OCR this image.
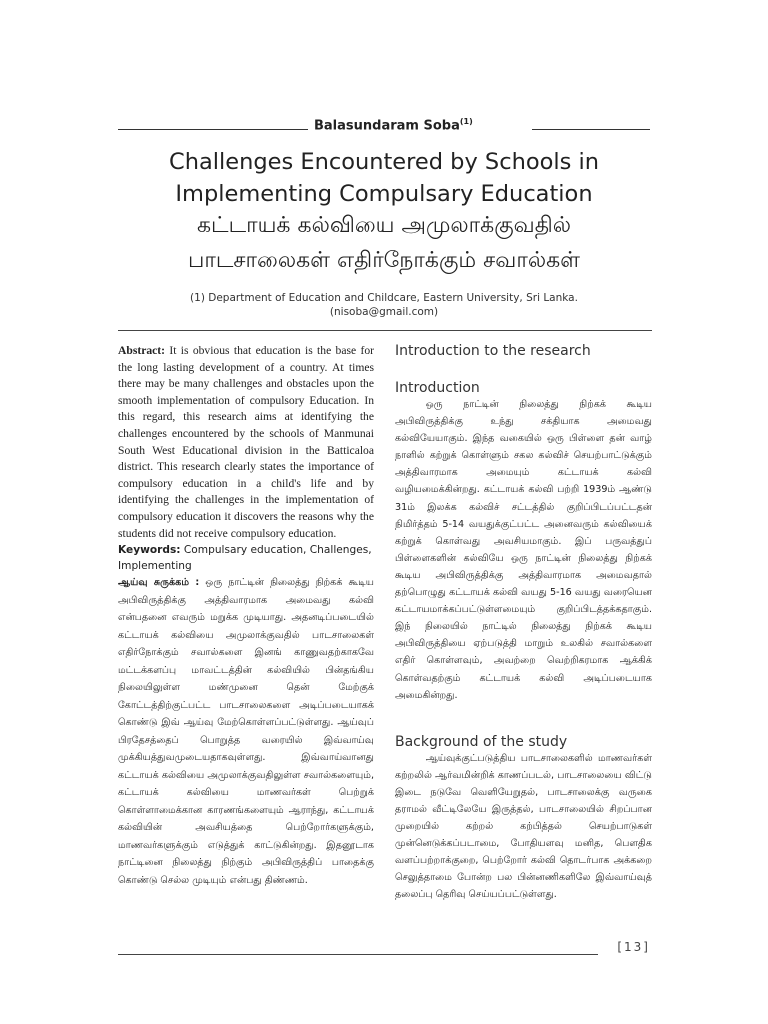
Balasundaram Soba$^{(1)}$
Challenges Encountered by Schools in
Implementing Compulsary Education
கட்டாயக் கல்வியை அமுலாக்குவதில்
பாடசாலைகள் எதிர்நோக்கும் சவால்கள்
(1) Department of Education and Childcare, Eastern University, Sri Lanka.
(nisoba@gmail.com)

Abstract: It is obvious that education is the base for the long lasting development of a country. At times there may be many challenges and obstacles upon the smooth implementation of compulsory Education. In this regard, this research aims at identifying the challenges encountered by the schools of Manmunai South West Educational division in the Batticaloa district. This research clearly states the importance of compulsory education in a child's life and by identifying the challenges in the implementation of compulsory education it discovers the reasons why the students did not receive compulsory education.

Keywords: Compulsary education, Challenges, Implementing

ஆய்வு சுருக்கம் : ஒரு நாட்டின் நிலைத்து நிற்கக் கூடிய அபிவிருத்திக்கு அத்திவாரமாக அமைவது கல்வி என்பதனை எவரும் மறுக்க முடியாது. அதனடிப்படையில் கட்டாயக் கல்வியை அமுலாக்குவதில் பாடசாலைகள் எதிர்நோக்கும் சவால்களை இனங் காணுவதற்காகவே மட்டக்களப்பு மாவட்டத்தின் கல்வியில் பின்தங்கிய நிலையிலுள்ள மண்முனை தென் மேற்குக் கோட்டத்திற்குட்பட்ட பாடசாலைகளை அடிப்படையாகக் கொண்டு இவ் ஆய்வு மேற்கொள்ளப்பட்டுள்ளது. ஆய்வுப் பிரதேசத்தைப் பொறுத்த வரையில் இவ்வாய்வு முக்கியத்துவமுடையதாகவுள்ளது. இவ்வாய்வானது கட்டாயக் கல்வியை அமுலாக்குவதிலுள்ள சவால்களையும், கட்டாயக் கல்வியை மாணவர்கள் பெற்றுக் கொள்ளாமைக்கான காரணங்களையும் ஆராந்து, கட்டாயக் கல்வியின் அவசியத்தை பெற்றோர்களுக்கும், மாணவர்களுக்கும் எடுத்துக் காட்டுகின்றது. இதனூடாக நாட்டினை நிலைத்து நிற்கும் அபிவிருத்திப் பாதைக்கு கொண்டு செல்ல முடியும் என்பது திண்ணம்.

Introduction to the research
Introduction

ஒரு நாட்டின் நிலைத்து நிற்கக் கூடிய அபிவிருத்திக்கு உந்து சக்தியாக அமைவது கல்வியேயாகும். இந்த வகையில் ஒரு பிள்ளை தன் வாழ் நாளில் கற்றுக் கொள்ளும் சகல கல்விச் செயற்பாட்டுக்கும் அத்திவாரமாக அமையும் கட்டாயக் கல்வி வழியமைக்கின்றது. கட்டாயக் கல்வி பற்றி 1939ம் ஆண்டு 31ம் இலக்க கல்விச் சட்டத்தில் குறிப்பிடப்பட்டதன் நிமிர்த்தம் 5-14 வயதுக்குட்பட்ட அனைவரும் கல்வியைக் கற்றுக் கொள்வது அவசியமாகும். இப் பருவத்துப் பிள்ளைகளின் கல்வியே ஒரு நாட்டின் நிலைத்து நிற்கக் கூடிய அபிவிருத்திக்கு அத்திவாரமாக அமைவதால் தற்பொழுது கட்டாயக் கல்வி வயது 5-16 வயது வரையென கட்டாயமாக்கப்பட்டுள்ளமையும் குறிப்பிடத்தக்கதாகும். இந் நிலையில் நாட்டில் நிலைத்து நிற்கக் கூடிய அபிவிருத்தியை ஏற்படுத்தி மாறும் உலகில் சவால்களை எதிர் கொள்ளவும், அவற்றை வெற்றிகரமாக ஆக்கிக் கொள்வதற்கும் கட்டாயக் கல்வி அடிப்படையாக அமைகின்றது.

Background of the study

ஆய்வுக்குட்படுத்திய பாடசாலைகளில் மாணவர்கள் கற்றலில் ஆர்வமின்றிக் காணப்படல், பாடசாலையை விட்டு இடை நடுவே வெளியேறுதல், பாடசாலைக்கு வருகை தராமல் வீட்டிலேயே இருத்தல், பாடசாலையில் சிறப்பான முறையில் கற்றல் கற்பித்தல் செயற்பாடுகள் முன்னெடுக்கப்படாமை, போதியளவு மனித, பௌதிக வளப்பற்றாக்குறை, பெற்றோர் கல்வி தொடர்பாக அக்கறை செலுத்தாமை போன்ற பல பின்னணிகளிலே இவ்வாய்வுத் தலைப்பு தெரிவு செய்யப்பட்டுள்ளது.

[13]
